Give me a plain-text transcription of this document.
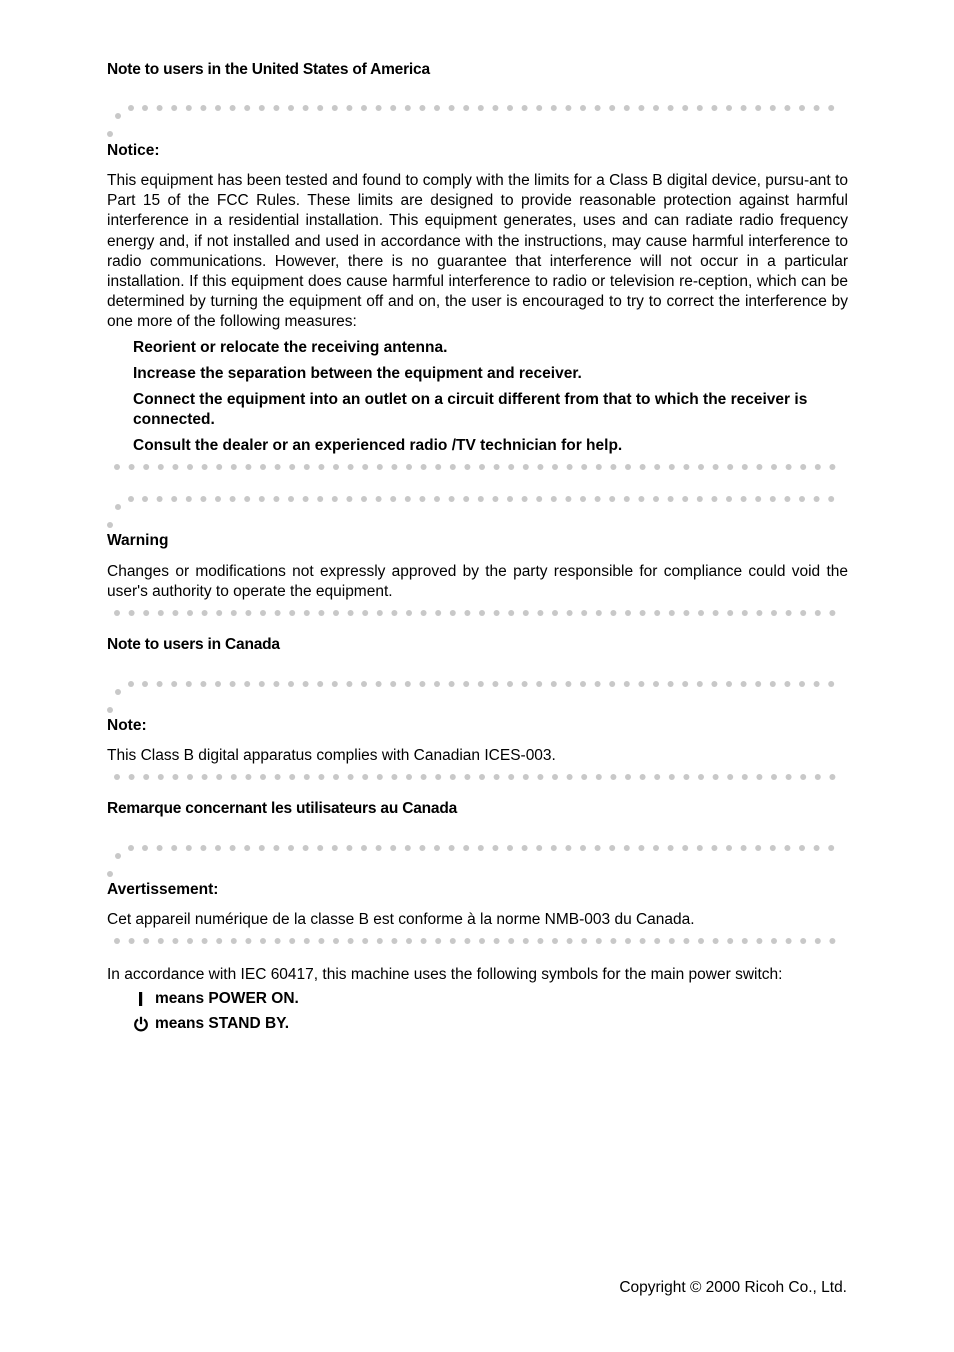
Note to users in the United States of America
Notice:
This equipment has been tested and found to comply with the limits for a Class B digital device, pursu-ant to Part 15 of the FCC Rules. These limits are designed to provide reasonable protection against harmful interference in a residential installation. This equipment generates, uses and can radiate radio frequency energy and, if not installed and used in accordance with the instructions, may cause harmful interference to radio communications. However, there is no guarantee that interference will not occur in a particular installation. If this equipment does cause harmful interference to radio or television re-ception, which can be determined by turning the equipment off and on, the user is encouraged to try to correct the interference by one more of the following measures:
Reorient or relocate the receiving antenna.
Increase the separation between the equipment and receiver.
Connect the equipment into an outlet on a circuit different from that to which the receiver is connected.
Consult the dealer or an experienced radio /TV technician for help.
Warning
Changes or modifications not expressly approved by the party responsible for compliance could void the user's authority to operate the equipment.
Note to users in Canada
Note:
This Class B digital apparatus complies with Canadian ICES-003.
Remarque concernant les utilisateurs au Canada
Avertissement:
Cet appareil numérique de la classe B est conforme à la norme NMB-003 du Canada.
In accordance with IEC 60417, this machine uses the following symbols for the main power switch:
means POWER ON.
means STAND BY.
Copyright © 2000 Ricoh Co., Ltd.
